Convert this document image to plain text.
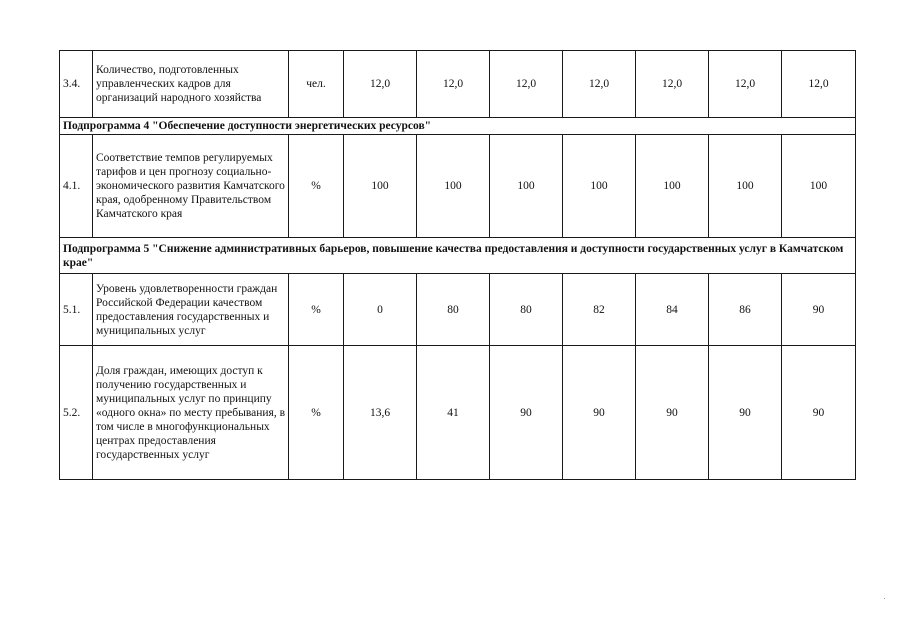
3.4.	Количество, подготовленных управленческих кадров для организаций народного хозяйства	чел.	12,0	12,0	12,0	12,0	12,0	12,0	12,0
Подпрограмма 4 "Обеспечение доступности энергетических ресурсов"									
4.1.	Соответствие темпов регулируемых тарифов и цен прогнозу социально-экономического развития Камчатского края, одобренному Правительством Камчатского края	%	100	100	100	100	100	100	100
Подпрограмма 5 "Снижение административных барьеров, повышение качества предоставления и доступности государственных услуг в Камчатском крае"									
5.1.	Уровень удовлетворенности граждан Российской Федерации качеством предоставления государственных и муниципальных услуг	%	0	80	80	82	84	86	90
5.2.	Доля граждан, имеющих доступ к получению государственных и муниципальных услуг по принципу «одного окна» по месту пребывания, в том числе в многофункциональных центрах предоставления государственных услуг	%	13,6	41	90	90	90	90	90
